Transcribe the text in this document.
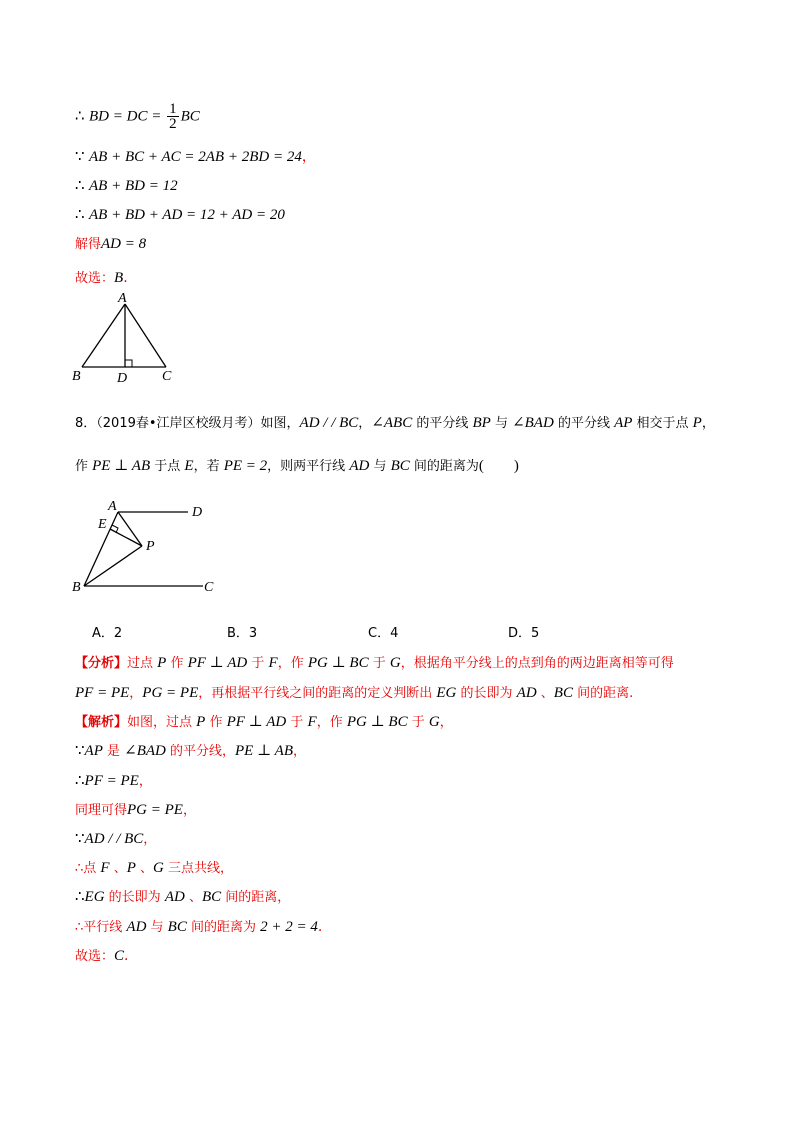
∴ BD = DC = $\frac{1}{2}$ BC
∵ AB + BC + AC = 2AB + 2BD = 24，
∴ AB + BD = 12
∴ AB + BD + AD = 12 + AD = 20
解得AD = 8
故选：B.
A
B	D C
8．（2019春•江岸区校级月考）如图，AD / / BC，∠ABC 的平分线 BP 与 ∠BAD 的平分线 AP 相交于点 P，
作 PE ⊥ AB 于点 E，若 PE = 2，则两平行线 AD 与 BC 间的距离为(　　)
A	D
E
P
B	C
A．2	B．3	C．4	D．5
【分析】过点 P 作 PF ⊥ AD 于 F，作 PG ⊥ BC 于 G，根据角平分线上的点到角的两边距离相等可得
PF = PE，PG = PE，再根据平行线之间的距离的定义判断出 EG 的长即为 AD 、BC 间的距离.
【解析】如图，过点 P 作 PF ⊥ AD 于 F，作 PG ⊥ BC 于 G，
∵AP 是 ∠BAD 的平分线，PE ⊥ AB，
∴PF = PE，
同理可得PG = PE，
∵AD / / BC，
∴点 F 、P 、G 三点共线，
∴EG 的长即为 AD 、BC 间的距离，
∴平行线 AD 与 BC 间的距离为 2 + 2 = 4.
故选：C.
